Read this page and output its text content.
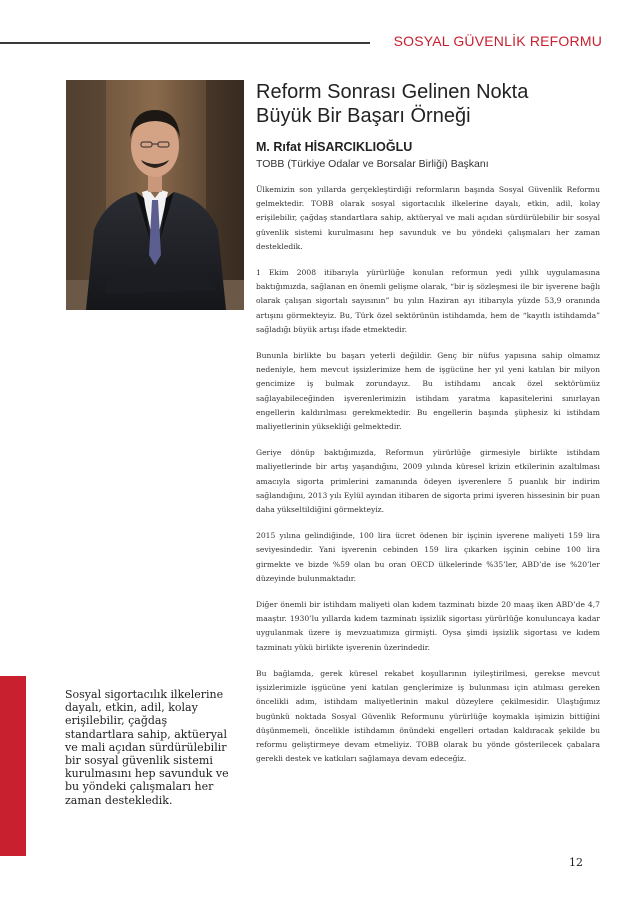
SOSYAL GÜVENLİK REFORMU
Reform Sonrası Gelinen Nokta
Büyük Bir Başarı Örneği
M. Rıfat HİSARCIKLIOĞLU
TOBB (Türkiye Odalar ve Borsalar Birliği) Başkanı

Ülkemizin son yıllarda gerçekleştirdiği reformların başında Sosyal Güvenlik Reformu gelmektedir. TOBB olarak sosyal sigortacılık ilkelerine dayalı, etkin, adil, kolay erişilebilir, çağdaş standartlara sahip, aktüeryal ve mali açıdan sürdürülebilir bir sosyal güvenlik sistemi kurulmasını hep savunduk ve bu yöndeki çalışmaları her zaman destekledik.

1 Ekim 2008 itibarıyla yürürlüğe konulan reformun yedi yıllık uygulamasına baktığımızda, sağlanan en önemli gelişme olarak, “bir iş sözleşmesi ile bir işverene bağlı olarak çalışan sigortalı sayısının” bu yılın Haziran ayı itibarıyla yüzde 53,9 oranında artışını görmekteyiz. Bu, Türk özel sektörünün istihdamda, hem de “kayıtlı istihdamda” sağladığı büyük artışı ifade etmektedir.

Bununla birlikte bu başarı yeterli değildir. Genç bir nüfus yapısına sahip olmamız nedeniyle, hem mevcut işsizlerimize hem de işgücüne her yıl yeni katılan bir milyon gencimize iş bulmak zorundayız. Bu istihdamı ancak özel sektörümüz sağlayabileceğinden işverenlerimizin istihdam yaratma kapasitelerini sınırlayan engellerin kaldırılması gerekmektedir. Bu engellerin başında şüphesiz ki istihdam maliyetlerinin yüksekliği gelmektedir.

Geriye dönüp baktığımızda, Reformun yürürlüğe girmesiyle birlikte istihdam maliyetlerinde bir artış yaşandığını, 2009 yılında küresel krizin etkilerinin azaltılması amacıyla sigorta primlerini zamanında ödeyen işverenlere 5 puanlık bir indirim sağlandığını, 2013 yılı Eylül ayından itibaren de sigorta primi işveren hissesinin bir puan daha yükseltildiğini görmekteyiz.

2015 yılına gelindiğinde, 100 lira ücret ödenen bir işçinin işverene maliyeti 159 lira seviyesindedir. Yani işverenin cebinden 159 lira çıkarken işçinin cebine 100 lira girmekte ve bizde %59 olan bu oran OECD ülkelerinde %35’ler, ABD’de ise %20’ler düzeyinde bulunmaktadır.

Diğer önemli bir istihdam maliyeti olan kıdem tazminatı bizde 20 maaş iken ABD’de 4,7 maaştır. 1930’lu yıllarda kıdem tazminatı işsizlik sigortası yürürlüğe konuluncaya kadar uygulanmak üzere iş mevzuatımıza girmişti. Oysa şimdi işsizlik sigortası ve kıdem tazminatı yükü birlikte işverenin üzerindedir.

Bu bağlamda, gerek küresel rekabet koşullarının iyileştirilmesi, gerekse mevcut işsizlerimizle işgücüne yeni katılan gençlerimize iş bulunması için atılması gereken öncelikli adım, istihdam maliyetlerinin makul düzeylere çekilmesidir. Ulaştığımız bugünkü noktada Sosyal Güvenlik Reformunu yürürlüğe koymakla işimizin bittiğini düşünmemeli, öncelikle istihdamın önündeki engelleri ortadan kaldıracak şekilde bu reformu geliştirmeye devam etmeliyiz. TOBB olarak bu yönde gösterilecek çabalara gerekli destek ve katkıları sağlamaya devam edeceğiz.

Sosyal sigortacılık ilkelerine dayalı, etkin, adil, kolay erişilebilir, çağdaş standartlara sahip, aktüeryal ve mali açıdan sürdürülebilir bir sosyal güvenlik sistemi kurulmasını hep savunduk ve bu yöndeki çalışmaları her zaman destekledik.
12
